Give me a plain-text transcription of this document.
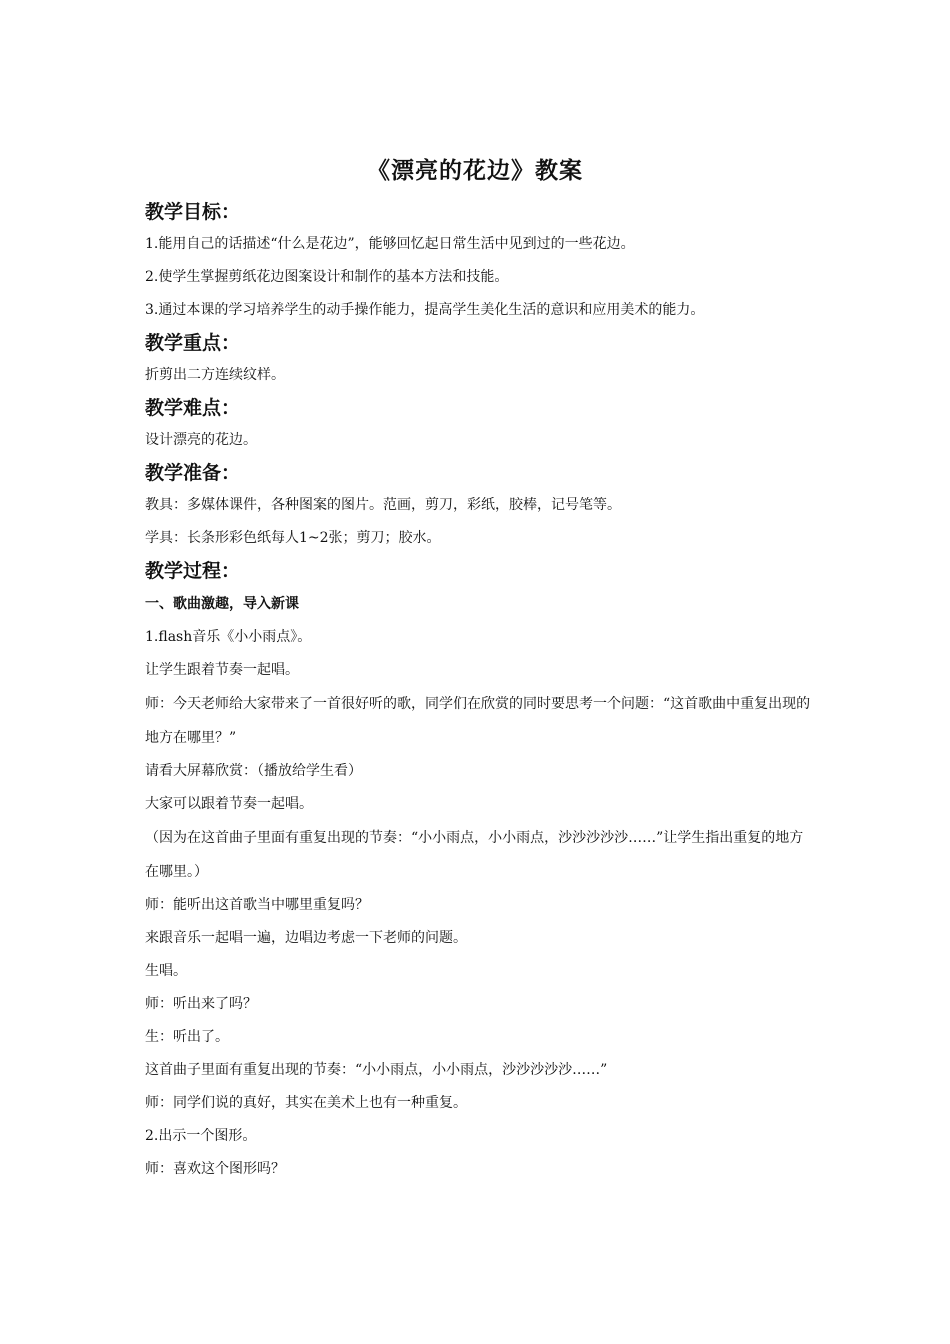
《漂亮的花边》教案

教学目标：

1.能用自己的话描述“什么是花边”，能够回忆起日常生活中见到过的一些花边。

2.使学生掌握剪纸花边图案设计和制作的基本方法和技能。

3.通过本课的学习培养学生的动手操作能力，提高学生美化生活的意识和应用美术的能力。

教学重点：

折剪出二方连续纹样。

教学难点：

设计漂亮的花边。

教学准备：

教具：多媒体课件，各种图案的图片。范画，剪刀，彩纸，胶棒，记号笔等。

学具：长条形彩色纸每人1~2张；剪刀；胶水。

教学过程：

一、歌曲激趣，导入新课

1.flash音乐《小小雨点》。

让学生跟着节奏一起唱。

师：今天老师给大家带来了一首很好听的歌，同学们在欣赏的同时要思考一个问题：“这首歌曲中重复出现的地方在哪里？”

请看大屏幕欣赏：（播放给学生看）

大家可以跟着节奏一起唱。

（因为在这首曲子里面有重复出现的节奏：“小小雨点，小小雨点，沙沙沙沙沙……”让学生指出重复的地方在哪里。）

师：能听出这首歌当中哪里重复吗？

来跟音乐一起唱一遍，边唱边考虑一下老师的问题。

生唱。

师：听出来了吗？

生：听出了。

这首曲子里面有重复出现的节奏：“小小雨点，小小雨点，沙沙沙沙沙……”

师：同学们说的真好，其实在美术上也有一种重复。

2.出示一个图形。

师：喜欢这个图形吗？
